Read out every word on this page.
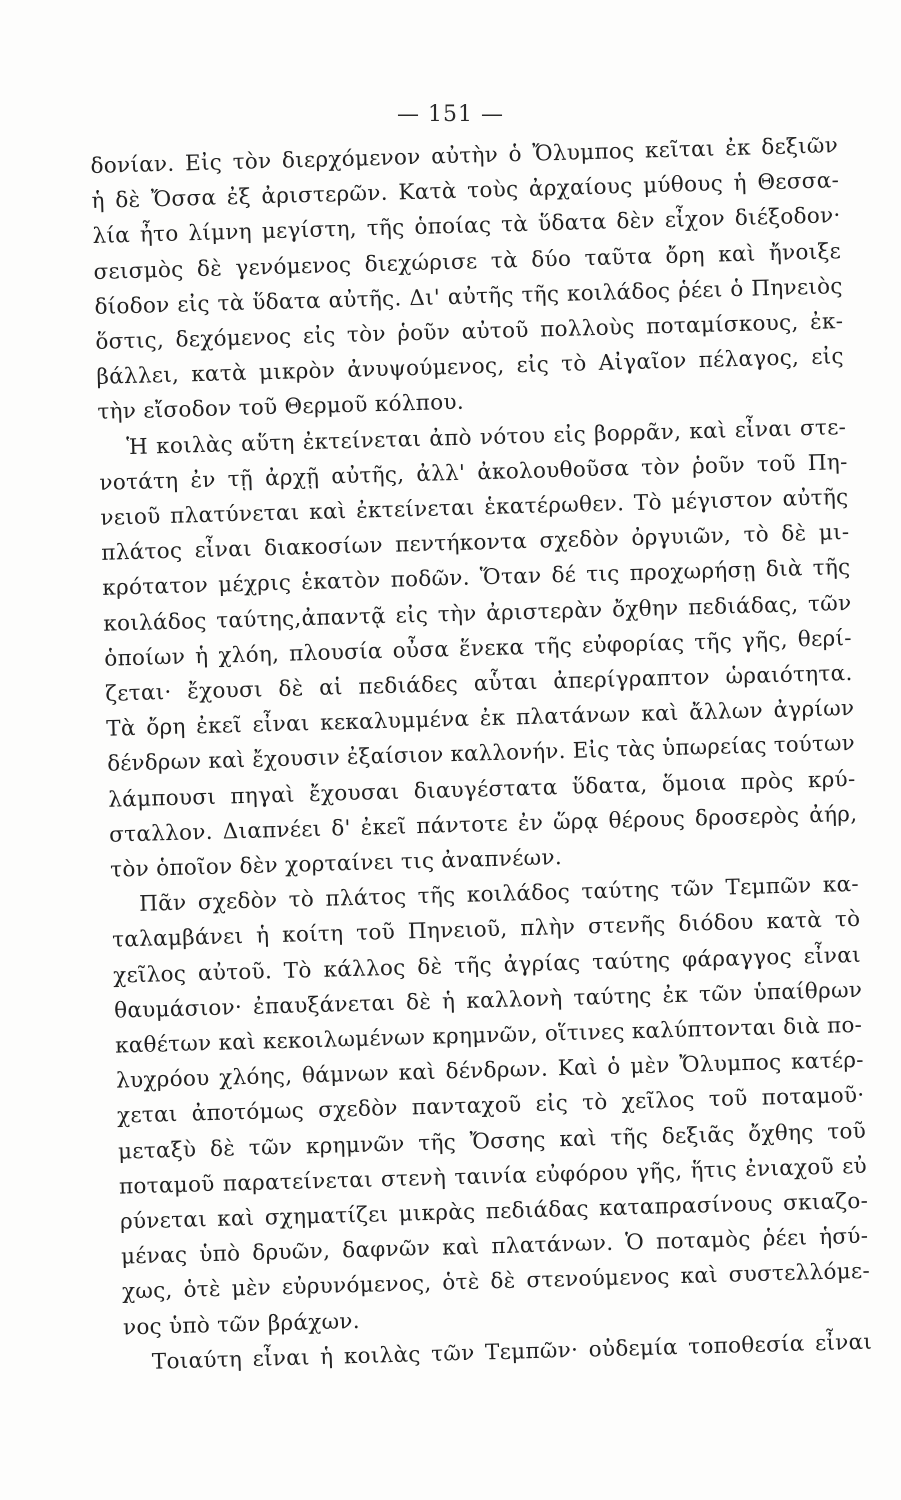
— 151 —
δονίαν. Εἰς τὸν διερχόμενον αὐτὴν ὁ Ὄλυμπος κεῖται ἐκ δεξιῶν
ἡ δὲ Ὄσσα ἐξ ἀριστερῶν. Κατὰ τοὺς ἀρχαίους μύθους ἡ Θεσσα-
λία ἦτο λίμνη μεγίστη, τῆς ὁποίας τὰ ὕδατα δὲν εἶχον διέξοδον·
σεισμὸς δὲ γενόμενος διεχώρισε τὰ δύο ταῦτα ὄρη καὶ ἤνοιξε
δίοδον εἰς τὰ ὕδατα αὐτῆς. Δι' αὐτῆς τῆς κοιλάδος ῥέει ὁ Πηνειὸς
ὅστις, δεχόμενος εἰς τὸν ῥοῦν αὐτοῦ πολλοὺς ποταμίσκους, ἐκ-
βάλλει, κατὰ μικρὸν ἀνυψούμενος, εἰς τὸ Αἰγαῖον πέλαγος, εἰς
τὴν εἴσοδον τοῦ Θερμοῦ κόλπου.
Ἡ κοιλὰς αὕτη ἐκτείνεται ἀπὸ νότου εἰς βορρᾶν, καὶ εἶναι στε-
νοτάτη ἐν τῇ ἀρχῇ αὐτῆς, ἀλλ' ἀκολουθοῦσα τὸν ῥοῦν τοῦ Πη-
νειοῦ πλατύνεται καὶ ἐκτείνεται ἑκατέρωθεν. Τὸ μέγιστον αὐτῆς
πλάτος εἶναι διακοσίων πεντήκοντα σχεδὸν ὀργυιῶν, τὸ δὲ μι-
κρότατον μέχρις ἑκατὸν ποδῶν. Ὅταν δέ τις προχωρήσῃ διὰ τῆς
κοιλάδος ταύτης,ἀπαντᾷ εἰς τὴν ἀριστερὰν ὄχθην πεδιάδας, τῶν
ὁποίων ἡ χλόη, πλουσία οὖσα ἕνεκα τῆς εὐφορίας τῆς γῆς, θερί-
ζεται· ἔχουσι δὲ αἱ πεδιάδες αὗται ἀπερίγραπτον ὡραιότητα.
Τὰ ὄρη ἐκεῖ εἶναι κεκαλυμμένα ἐκ πλατάνων καὶ ἄλλων ἀγρίων
δένδρων καὶ ἔχουσιν ἐξαίσιον καλλονήν. Εἰς τὰς ὑπωρείας τούτων
λάμπουσι πηγαὶ ἔχουσαι διαυγέστατα ὕδατα, ὅμοια πρὸς κρύ-
σταλλον. Διαπνέει δ' ἐκεῖ πάντοτε ἐν ὥρᾳ θέρους δροσερὸς ἀήρ,
τὸν ὁποῖον δὲν χορταίνει τις ἀναπνέων.
Πᾶν σχεδὸν τὸ πλάτος τῆς κοιλάδος ταύτης τῶν Τεμπῶν κα-
ταλαμβάνει ἡ κοίτη τοῦ Πηνειοῦ, πλὴν στενῆς διόδου κατὰ τὸ
χεῖλος αὐτοῦ. Τὸ κάλλος δὲ τῆς ἀγρίας ταύτης φάραγγος εἶναι
θαυμάσιον· ἐπαυξάνεται δὲ ἡ καλλονὴ ταύτης ἐκ τῶν ὑπαίθρων
καθέτων καὶ κεκοιλωμένων κρημνῶν, οἵτινες καλύπτονται διὰ πο-
λυχρόου χλόης, θάμνων καὶ δένδρων. Καὶ ὁ μὲν Ὄλυμπος κατέρ-
χεται ἀποτόμως σχεδὸν πανταχοῦ εἰς τὸ χεῖλος τοῦ ποταμοῦ·
μεταξὺ δὲ τῶν κρημνῶν τῆς Ὄσσης καὶ τῆς δεξιᾶς ὄχθης τοῦ
ποταμοῦ παρατείνεται στενὴ ταινία εὐφόρου γῆς, ἥτις ἐνιαχοῦ εὐ
ρύνεται καὶ σχηματίζει μικρὰς πεδιάδας καταπρασίνους σκιαζο-
μένας ὑπὸ δρυῶν, δαφνῶν καὶ πλατάνων. Ὁ ποταμὸς ῥέει ἡσύ-
χως, ὁτὲ μὲν εὐρυνόμενος, ὁτὲ δὲ στενούμενος καὶ συστελλόμε-
νος ὑπὸ τῶν βράχων.
Τοιαύτη εἶναι ἡ κοιλὰς τῶν Τεμπῶν· οὐδεμία τοποθεσία εἶναι
